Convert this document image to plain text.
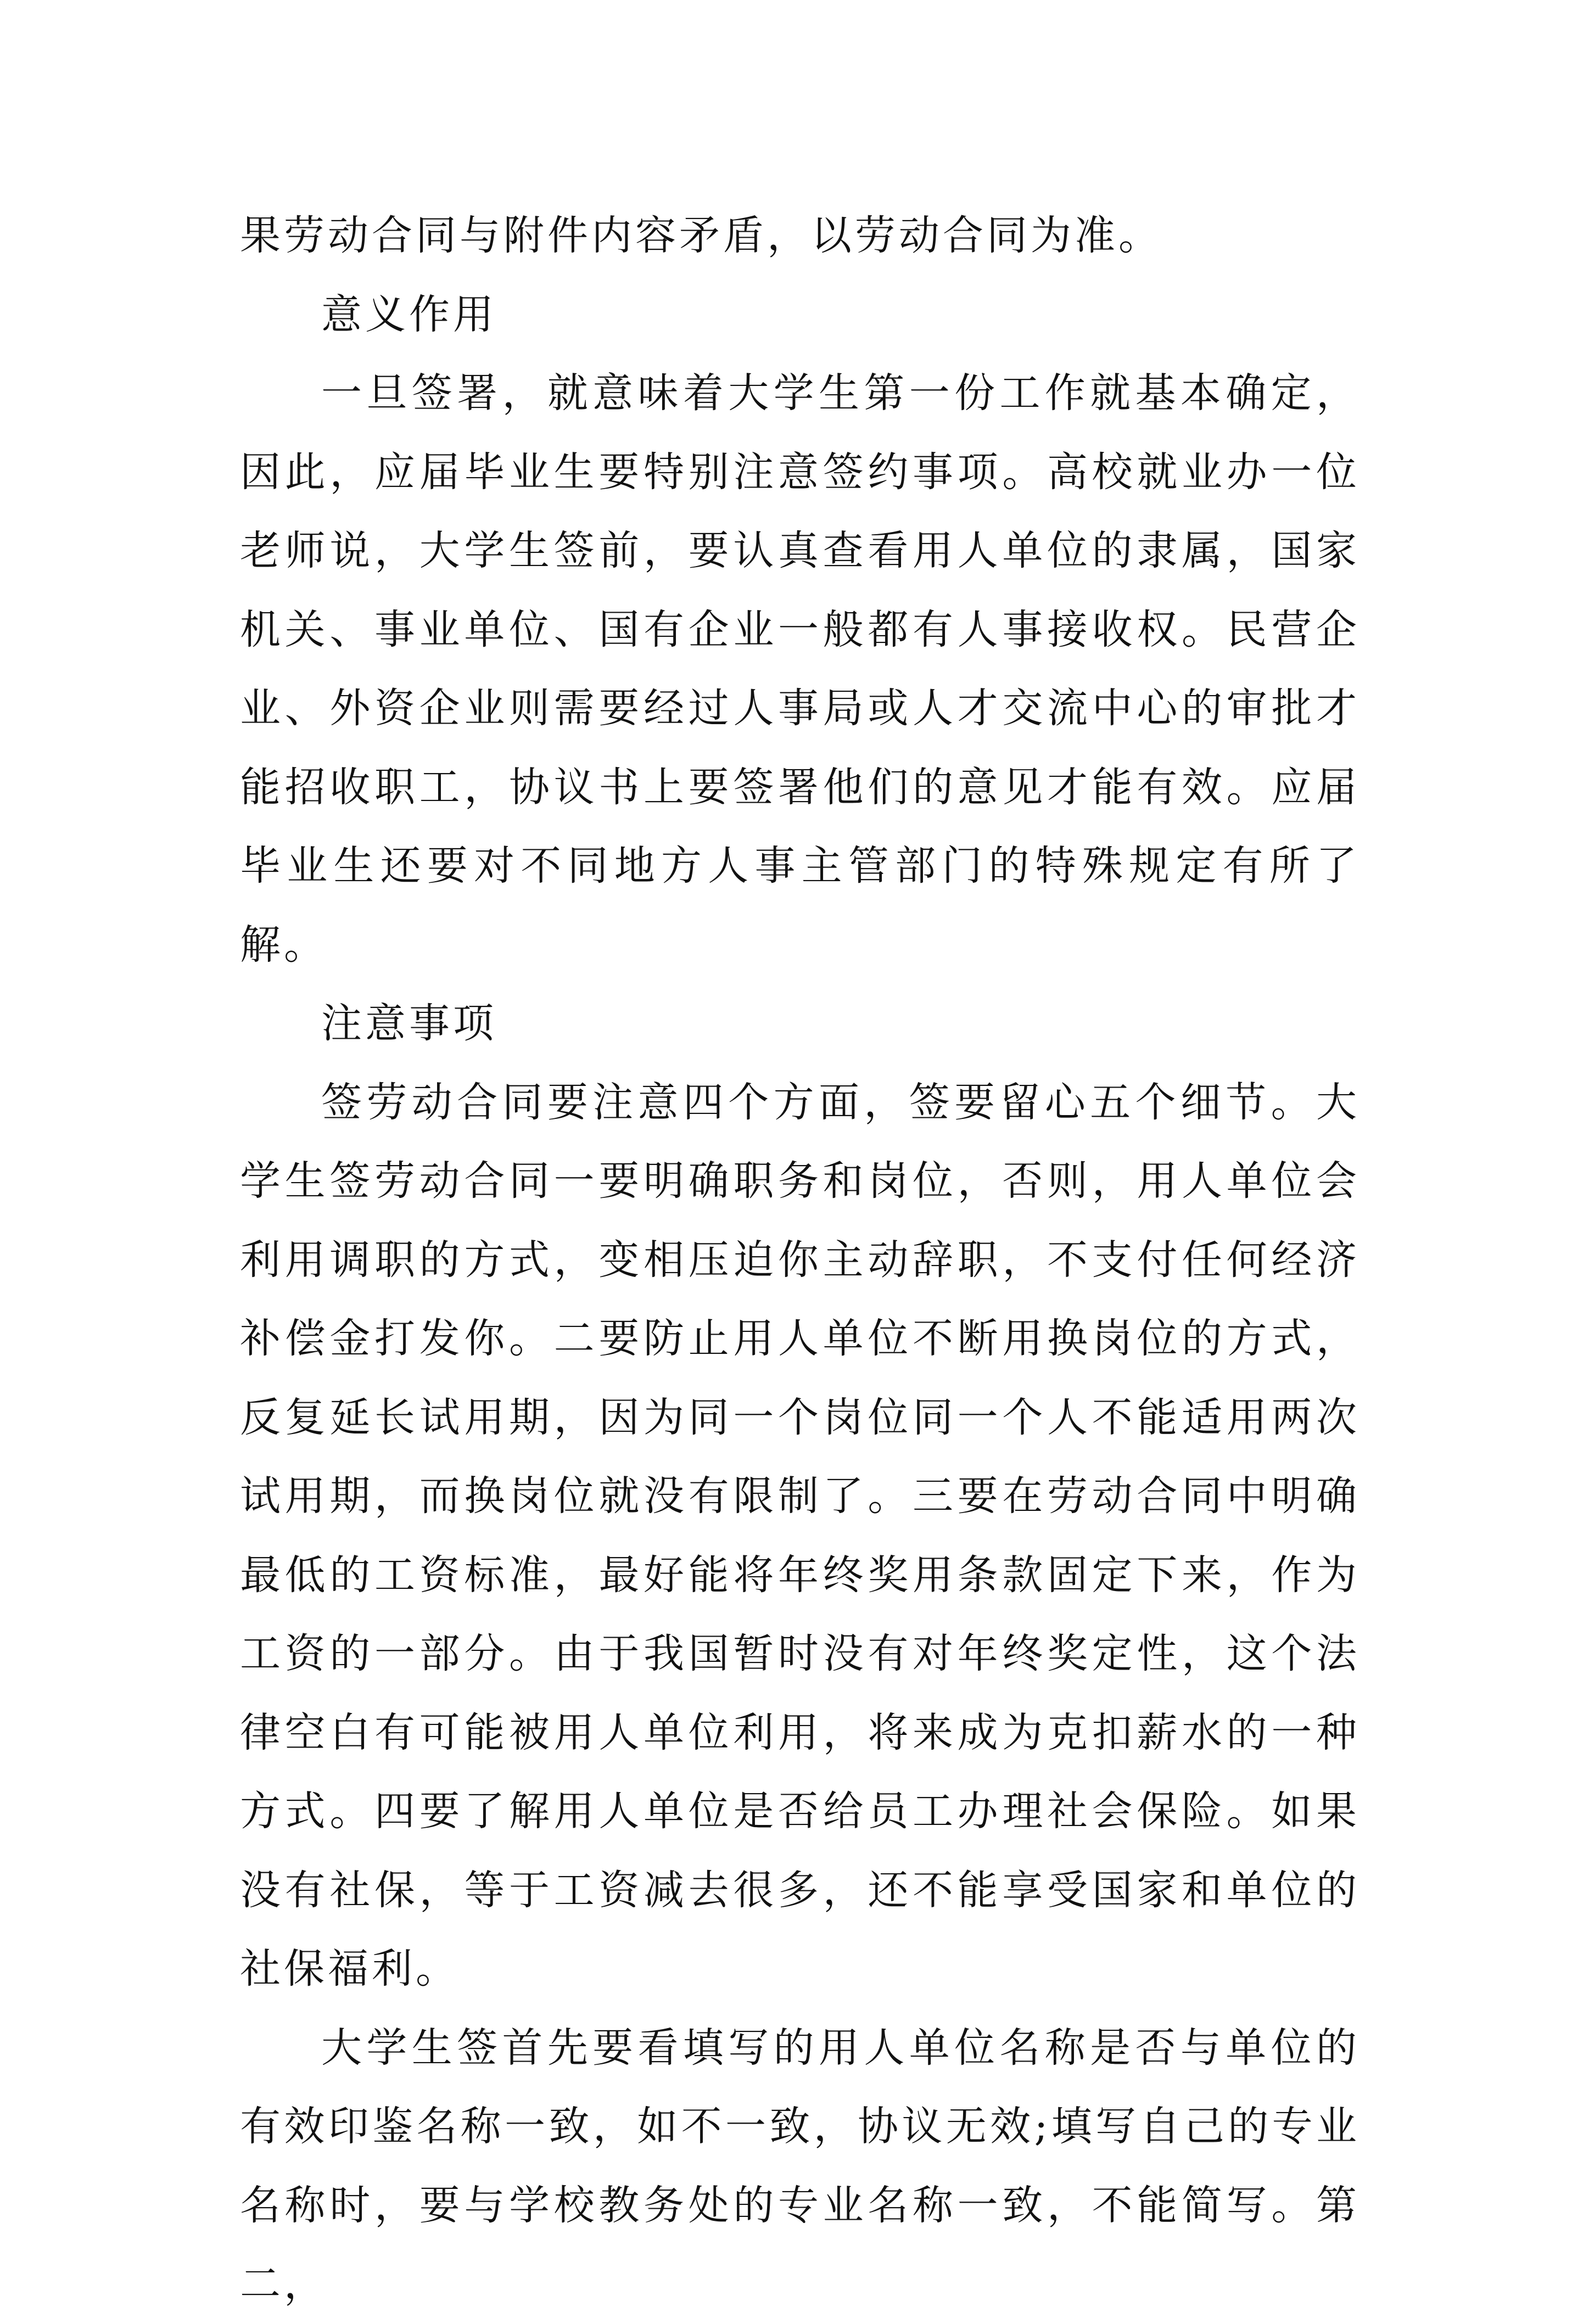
果劳动合同与附件内容矛盾，以劳动合同为准。

意义作用

一旦签署，就意味着大学生第一份工作就基本确定，因此，应届毕业生要特别注意签约事项。高校就业办一位老师说，大学生签前，要认真查看用人单位的隶属，国家机关、事业单位、国有企业一般都有人事接收权。民营企业、外资企业则需要经过人事局或人才交流中心的审批才能招收职工，协议书上要签署他们的意见才能有效。应届毕业生还要对不同地方人事主管部门的特殊规定有所了解。

注意事项

签劳动合同要注意四个方面，签要留心五个细节。大学生签劳动合同一要明确职务和岗位，否则，用人单位会利用调职的方式，变相压迫你主动辞职，不支付任何经济补偿金打发你。二要防止用人单位不断用换岗位的方式，反复延长试用期，因为同一个岗位同一个人不能适用两次试用期，而换岗位就没有限制了。三要在劳动合同中明确最低的工资标准，最好能将年终奖用条款固定下来，作为工资的一部分。由于我国暂时没有对年终奖定性，这个法律空白有可能被用人单位利用，将来成为克扣薪水的一种方式。四要了解用人单位是否给员工办理社会保险。如果没有社保，等于工资减去很多，还不能享受国家和单位的社保福利。

大学生签首先要看填写的用人单位名称是否与单位的有效印鉴名称一致，如不一致，协议无效;填写自己的专业名称时，要与学校教务处的专业名称一致，不能简写。第二，
